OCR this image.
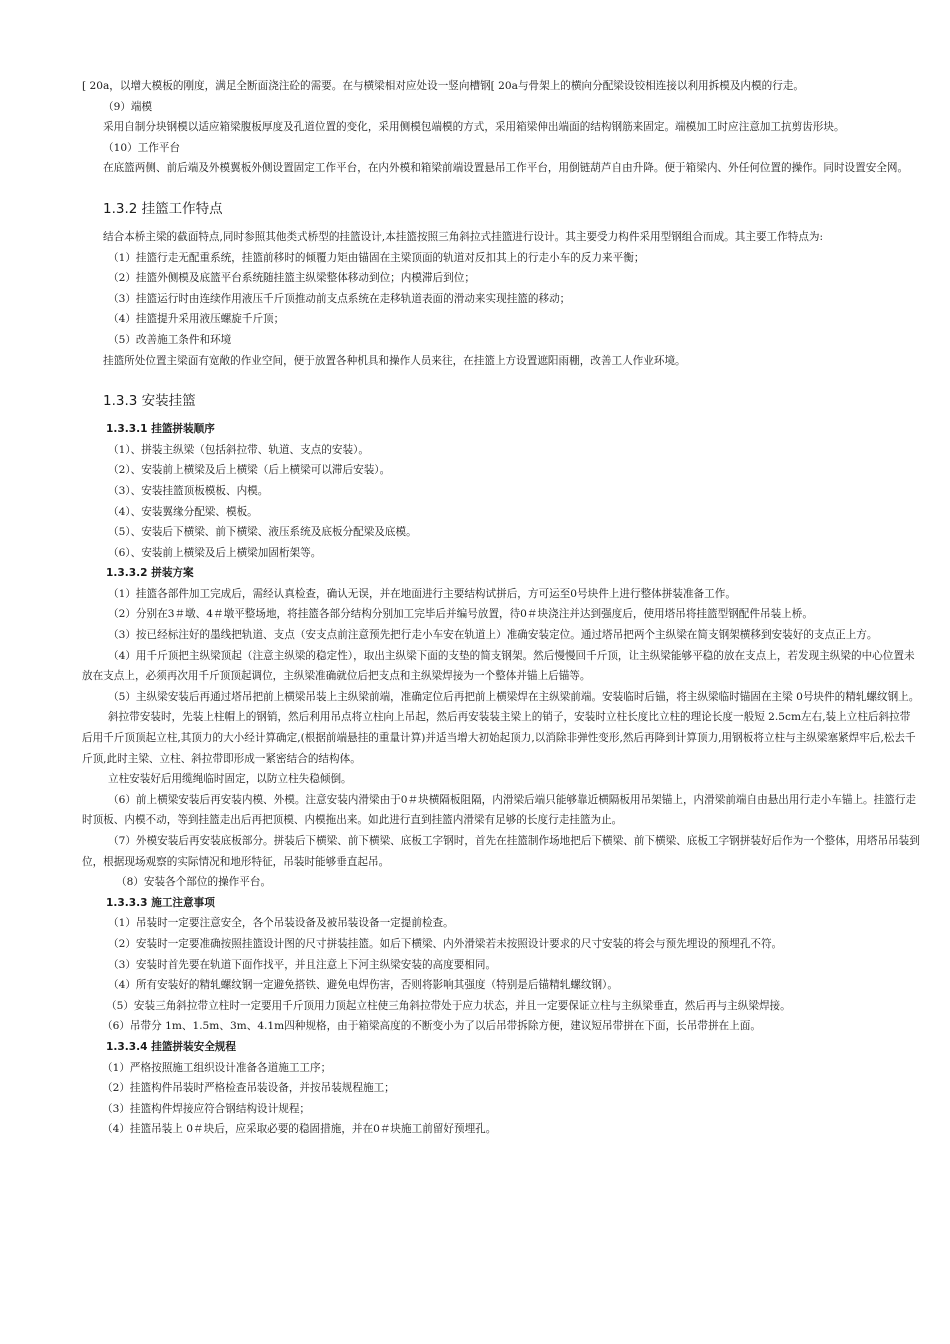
[ 20a，以增大模板的刚度，满足全断面浇注砼的需要。在与横梁相对应处设一竖向槽钢[ 20a与骨架上的横向分配梁设铰相连接以利用拆模及内模的行走。

（9）端模

采用自制分块钢模以适应箱梁腹板厚度及孔道位置的变化，采用侧模包端模的方式，采用箱梁伸出端面的结构钢筋来固定。端模加工时应注意加工抗剪齿形块。

（10）工作平台

在底篮两侧、前后端及外模翼板外侧设置固定工作平台，在内外模和箱梁前端设置悬吊工作平台，用倒链葫芦自由升降。便于箱梁内、外任何位置的操作。同时设置安全网。

1.3.2 挂篮工作特点

结合本桥主梁的截面特点,同时参照其他类式桥型的挂篮设计,本挂篮按照三角斜拉式挂篮进行设计。其主要受力构件采用型钢组合而成。其主要工作特点为:

（1）挂篮行走无配重系统，挂篮前移时的倾覆力矩由锚固在主梁顶面的轨道对反扣其上的行走小车的反力来平衡；

（2）挂篮外侧模及底篮平台系统随挂篮主纵梁整体移动到位；内模滞后到位；

（3）挂篮运行时由连续作用液压千斤顶推动前支点系统在走移轨道表面的滑动来实现挂篮的移动；

（4）挂篮提升采用液压螺旋千斤顶；

（5）改善施工条件和环境

挂篮所处位置主梁面有宽敞的作业空间，便于放置各种机具和操作人员来往，在挂篮上方设置遮阳雨棚，改善工人作业环境。

1.3.3 安装挂篮

1.3.3.1 挂篮拼装顺序

（1）、拼装主纵梁（包括斜拉带、轨道、支点的安装）。

（2）、安装前上横梁及后上横梁（后上横梁可以滞后安装）。

（3）、安装挂篮顶板模板、内模。

（4）、安装翼缘分配梁、模板。

（5）、安装后下横梁、前下横梁、液压系统及底板分配梁及底模。

（6）、安装前上横梁及后上横梁加固桁架等。

1.3.3.2 拼装方案

（1）挂篮各部件加工完成后，需经认真检查，确认无误，并在地面进行主要结构试拼后，方可运至0号块件上进行整体拼装准备工作。

（2）分别在3＃墩、4＃墩平整场地，将挂篮各部分结构分别加工完毕后并编号放置，待0＃块浇注并达到强度后，使用塔吊将挂篮型钢配件吊装上桥。

（3）按已经标注好的墨线把轨道、支点（安支点前注意预先把行走小车安在轨道上）准确安装定位。通过塔吊把两个主纵梁在简支钢架横移到安装好的支点正上方。

（4）用千斤顶把主纵梁顶起（注意主纵梁的稳定性），取出主纵梁下面的支垫的简支钢架。然后慢慢回千斤顶，让主纵梁能够平稳的放在支点上，若发现主纵梁的中心位置未放在支点上，必须再次用千斤顶顶起调位，主纵梁准确就位后把支点和主纵梁焊接为一个整体并锚上后锚等。

（5）主纵梁安装后再通过塔吊把前上横梁吊装上主纵梁前端，准确定位后再把前上横梁焊在主纵梁前端。安装临时后锚，将主纵梁临时锚固在主梁 0号块件的精轧螺纹钢上。

斜拉带安装时，先装上柱帽上的钢销，然后利用吊点将立柱向上吊起，然后再安装装主梁上的销子，安装时立柱长度比立柱的理论长度一般短 2.5cm左右,装上立柱后斜拉带后用千斤顶顶起立柱,其顶力的大小经计算确定,(根据前端悬挂的重量计算)并适当增大初始起顶力,以消除非弹性变形,然后再降到计算顶力,用钢板将立柱与主纵梁塞紧焊牢后,松去千斤顶,此时主梁、立柱、斜拉带即形成一紧密结合的结构体。

立柱安装好后用缆绳临时固定，以防立柱失稳倾倒。

（6）前上横梁安装后再安装内模、外模。注意安装内滑梁由于0＃块横隔板阻隔，内滑梁后端只能够靠近横隔板用吊架锚上，内滑梁前端自由悬出用行走小车锚上。挂篮行走时顶板、内模不动，等到挂篮走出后再把顶模、内模拖出来。如此进行直到挂篮内滑梁有足够的长度行走挂篮为止。

（7）外模安装后再安装底板部分。拼装后下横梁、前下横梁、底板工字钢时，首先在挂篮制作场地把后下横梁、前下横梁、底板工字钢拼装好后作为一个整体，用塔吊吊装到位，根据现场观察的实际情况和地形特征，吊装时能够垂直起吊。

（8）安装各个部位的操作平台。

1.3.3.3 施工注意事项

（1）吊装时一定要注意安全，各个吊装设备及被吊装设备一定提前检查。

（2）安装时一定要准确按照挂篮设计图的尺寸拼装挂篮。如后下横梁、内外滑梁若未按照设计要求的尺寸安装的将会与预先埋设的预埋孔不符。

（3）安装时首先要在轨道下面作找平，并且注意上下河主纵梁安装的高度要相同。

（4）所有安装好的精轧螺纹钢一定避免搭铁、避免电焊伤害，否则将影响其强度（特别是后锚精轧螺纹钢）。

（5）安装三角斜拉带立柱时一定要用千斤顶用力顶起立柱使三角斜拉带处于应力状态，并且一定要保证立柱与主纵梁垂直，然后再与主纵梁焊接。

（6）吊带分 1m、1.5m、3m、4.1m四种规格，由于箱梁高度的不断变小为了以后吊带拆除方便，建议短吊带拼在下面，长吊带拼在上面。

1.3.3.4 挂篮拼装安全规程

（1）严格按照施工组织设计准备各道施工工序；

（2）挂篮构件吊装时严格检查吊装设备，并按吊装规程施工；

（3）挂篮构件焊接应符合钢结构设计规程；

（4）挂篮吊装上 0＃块后，应采取必要的稳固措施，并在0＃块施工前留好预埋孔。
